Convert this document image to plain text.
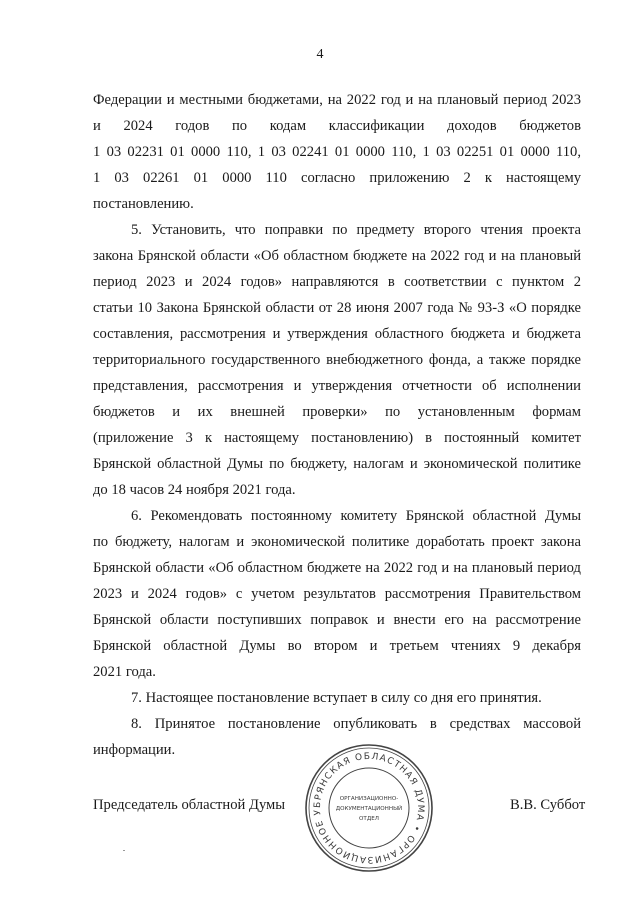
4
Федерации и местными бюджетами, на 2022 год и на плановый период 2023
и 2024 годов по кодам классификации доходов бюджетов
1 03 02231 01 0000 110, 1 03 02241 01 0000 110, 1 03 02251 01 0000 110,
1 03 02261 01 0000 110 согласно приложению 2 к настоящему
постановлению.
5. Установить, что поправки по предмету второго чтения проекта
закона Брянской области «Об областном бюджете на 2022 год и на плановый
период 2023 и 2024 годов» направляются в соответствии с пунктом 2
статьи 10 Закона Брянской области от 28 июня 2007 года № 93-З «О порядке
составления, рассмотрения и утверждения областного бюджета и бюджета
территориального государственного внебюджетного фонда, а также порядке
представления, рассмотрения и утверждения отчетности об исполнении
бюджетов и их внешней проверки» по установленным формам
(приложение 3 к настоящему постановлению) в постоянный комитет
Брянской областной Думы по бюджету, налогам и экономической политике
до 18 часов 24 ноября 2021 года.
6. Рекомендовать постоянному комитету Брянской областной Думы
по бюджету, налогам и экономической политике доработать проект закона
Брянской области «Об областном бюджете на 2022 год и на плановый период
2023 и 2024 годов» с учетом результатов рассмотрения Правительством
Брянской области поступивших поправок и внести его на рассмотрение
Брянской областной Думы во втором и третьем чтениях 9 декабря
2021 года.
7. Настоящее постановление вступает в силу со дня его принятия.
8. Принятое постановление опубликовать в средствах массовой
информации.
Председатель областной Думы	В.В. Суббот
БРЯНСКАЯ ОБЛАСТНАЯ ДУМА • ОРГАНИЗАЦИОННОЕ У
ОРГАНИЗАЦИОННО-
ДОКУМЕНТАЦИОННЫЙ
ОТДЕЛ
